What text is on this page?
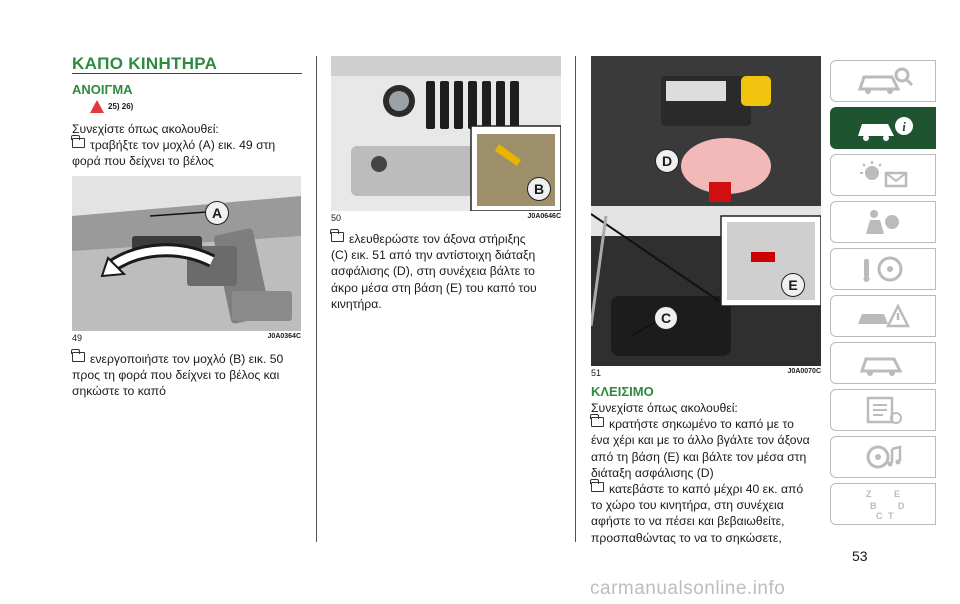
ΚΑΠΟ ΚΙΝΗΤΗΡΑ
ΑΝΟΙΓΜΑ
25) 26)
Συνεχίστε όπως ακολουθεί:
τραβήξτε τον μοχλό (A) εικ. 49 στη
φορά που δείχνει το βέλος
A
49	J0A0364C
ενεργοποιήστε τον μοχλό (B) εικ. 50
προς τη φορά που δείχνει το βέλος και
σηκώστε το καπό
B
50	J0A0646C
ελευθερώστε τον άξονα στήριξης
(C) εικ. 51 από την αντίστοιχη διάταξη
ασφάλισης (D), στη συνέχεια βάλτε το
άκρο μέσα στη βάση (E) του καπό του
κινητήρα.
D
E
C
51	J0A0070C
ΚΛΕΙΣΙΜΟ
Συνεχίστε όπως ακολουθεί:
κρατήστε σηκωμένο το καπό με το
ένα χέρι και με το άλλο βγάλτε τον άξονα
από τη βάση (E) και βάλτε τον μέσα στη
διάταξη ασφάλισης (D)
κατεβάστε το καπό μέχρι 40 εκ. από
το χώρο του κινητήρα, στη συνέχεια
αφήστε το να πέσει και βεβαιωθείτε,
προσπαθώντας το να το σηκώσετε,
i
Z	E
B D
C T
53
carmanualsonline.info
